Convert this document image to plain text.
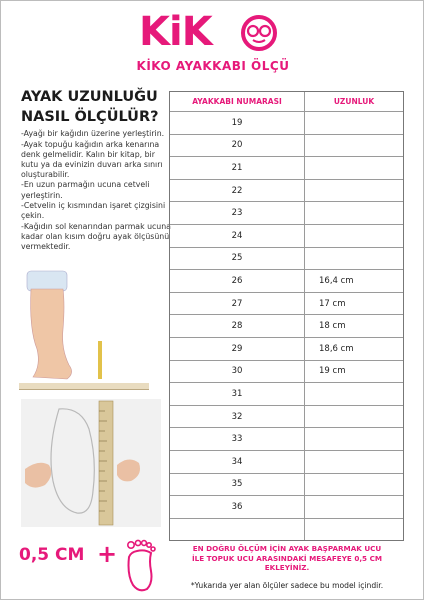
KiK
KİKO AYAKKABI ÖLÇÜ
AYAK UZUNLUĞU
NASIL ÖLÇÜLÜR?

-Ayağı bir kağıdın üzerine yerleştirin.

-Ayak topuğu kağıdın arka kenarına denk gelmelidir. Kalın bir kitap, bir kutu ya da evinizin duvarı arka sınırı oluşturabilir.

-En uzun parmağın ucuna cetveli yerleştirin.

-Cetvelin iç kısmından işaret çizgisini çekin.

-Kağıdın sol kenarından parmak ucuna kadar olan kısım doğru ayak ölçüsünü vermektedir.

AYAKKABI NUMARASI	UZUNLUK
19
20
21
22
23
24
25
26	16,4 cm
27	17 cm
28	18 cm
29	18,6 cm
30	19 cm
31
32
33
34
35
36
0,5 CM +	EN DOĞRU ÖLÇÜM İÇİN AYAK BAŞPARMAK UCU
İLE TOPUK UCU ARASINDAKİ MESAFEYE 0,5 CM
EKLEYİNİZ.
*Yukarıda yer alan ölçüler sadece bu model içindir.
